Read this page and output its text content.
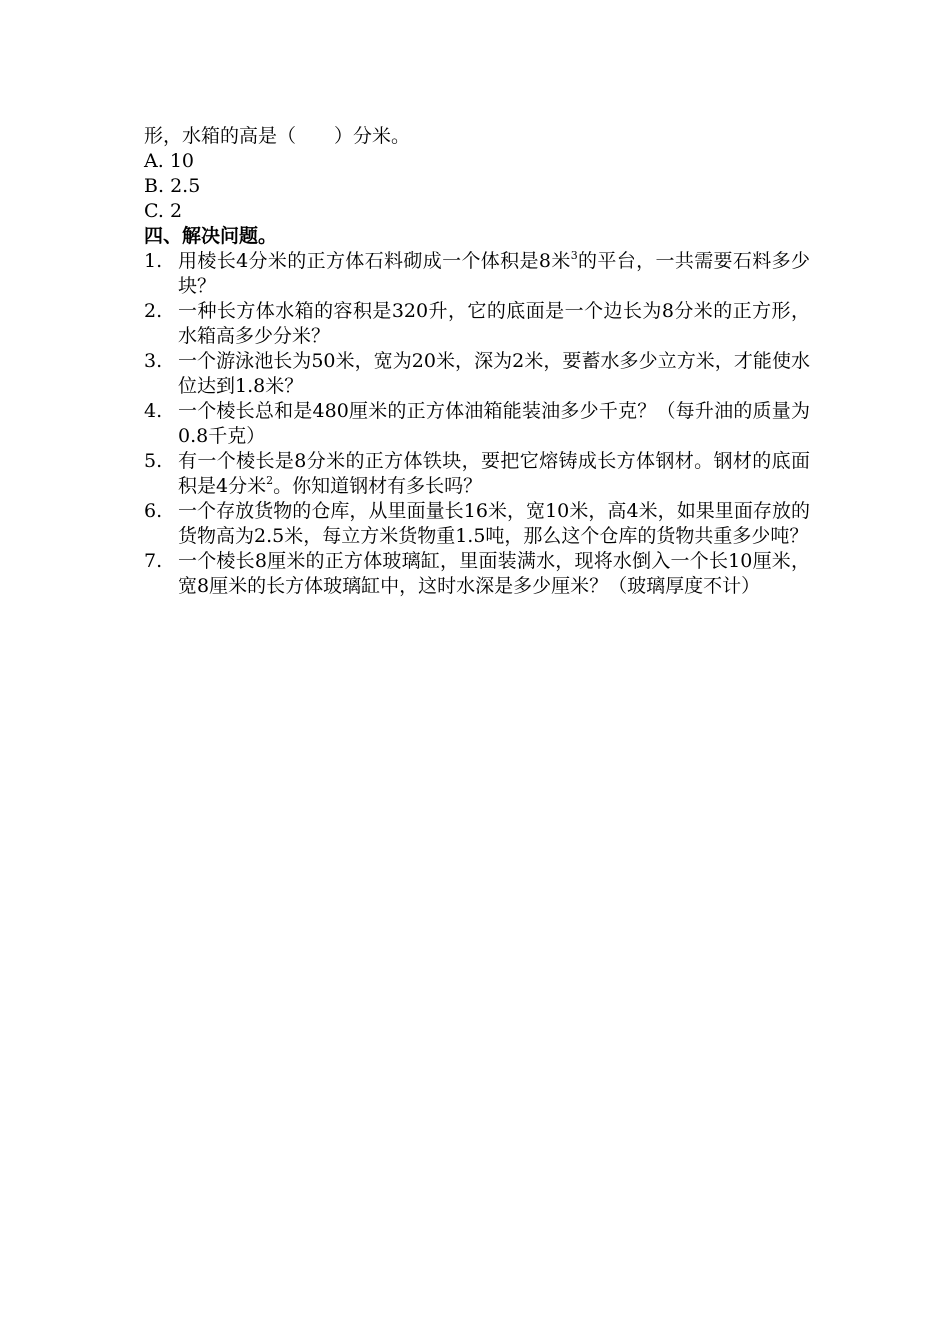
形，水箱的高是（　　）分米。
A. 10
B. 2.5
C. 2
四、解决问题。
1. 用棱长4分米的正方体石料砌成一个体积是8米$^3$的平台，一共需要石料多少块？
2. 一种长方体水箱的容积是320升，它的底面是一个边长为8分米的正方形，水箱高多少分米？
3. 一个游泳池长为50米，宽为20米，深为2米，要蓄水多少立方米，才能使水位达到1.8米？
4. 一个棱长总和是480厘米的正方体油箱能装油多少千克？（每升油的质量为0.8千克）
5. 有一个棱长是8分米的正方体铁块，要把它熔铸成长方体钢材。钢材的底面积是4分米$^2$。你知道钢材有多长吗？
6. 一个存放货物的仓库，从里面量长16米，宽10米，高4米，如果里面存放的货物高为2.5米，每立方米货物重1.5吨，那么这个仓库的货物共重多少吨？
7. 一个棱长8厘米的正方体玻璃缸，里面装满水，现将水倒入一个长10厘米，宽8厘米的长方体玻璃缸中，这时水深是多少厘米？（玻璃厚度不计）
